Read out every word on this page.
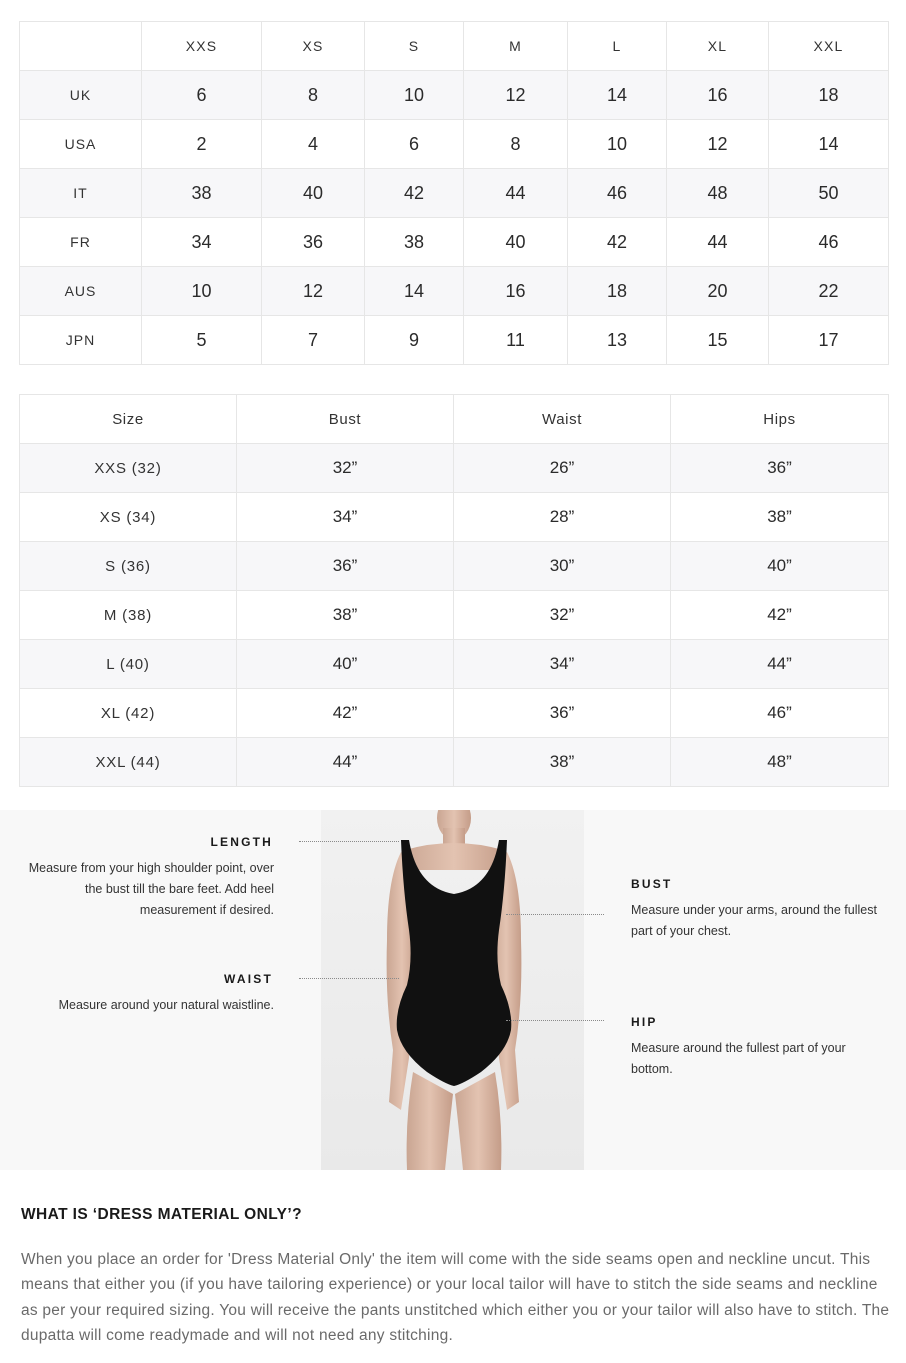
	XXS	XS	S	M	L	XL	XXL
UK	6	8	10	12	14	16	18
USA	2	4	6	8	10	12	14
IT	38	40	42	44	46	48	50
FR	34	36	38	40	42	44	46
AUS	10	12	14	16	18	20	22
JPN	5	7	9	11	13	15	17
Size	Bust	Waist	Hips
XXS (32)	32”	26”	36”
XS (34)	34”	28”	38”
S (36)	36”	30”	40”
M (38)	38”	32”	42”
L (40)	40”	34”	44”
XL (42)	42”	36”	46”
XXL (44)	44”	38”	48”
LENGTH
Measure from your high shoulder point, over
the bust till the bare feet. Add heel
measurement if desired.
WAIST
Measure around your natural waistline.
BUST
Measure under your arms, around the fullest
part of your chest.
HIP
Measure around the fullest part of your
bottom.
WHAT IS ‘DRESS MATERIAL ONLY’?
When you place an order for 'Dress Material Only' the item will come with the side seams open and neckline uncut. This means that either you (if you have tailoring experience) or your local tailor will have to stitch the side seams and neckline as per your required sizing. You will receive the pants unstitched which either you or your tailor will also have to stitch. The dupatta will come readymade and will not need any stitching.
